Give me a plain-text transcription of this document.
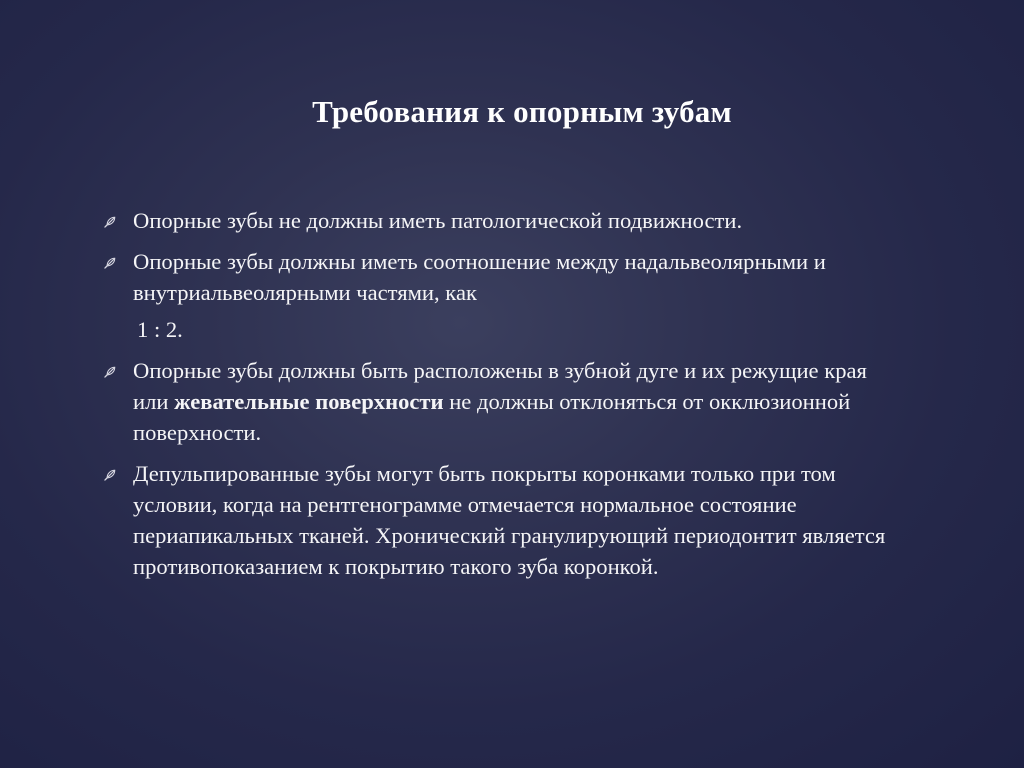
Требования к опорным зубам
Опорные зубы не должны иметь патологической подвижности.
Опорные зубы должны иметь соотношение между надальвеолярными и внутриальвеолярными частями, как
1 : 2.
Опорные зубы должны быть расположены в зубной дуге и их режущие края или жевательные поверхности не должны отклоняться от окклюзионной поверхности.
Депульпированные зубы могут быть покрыты коронками только при том условии, когда на рентгенограмме отмечается нормальное состояние периапикальных тканей. Хронический гранулирующий периодонтит является противопоказанием к покрытию такого зуба коронкой.
